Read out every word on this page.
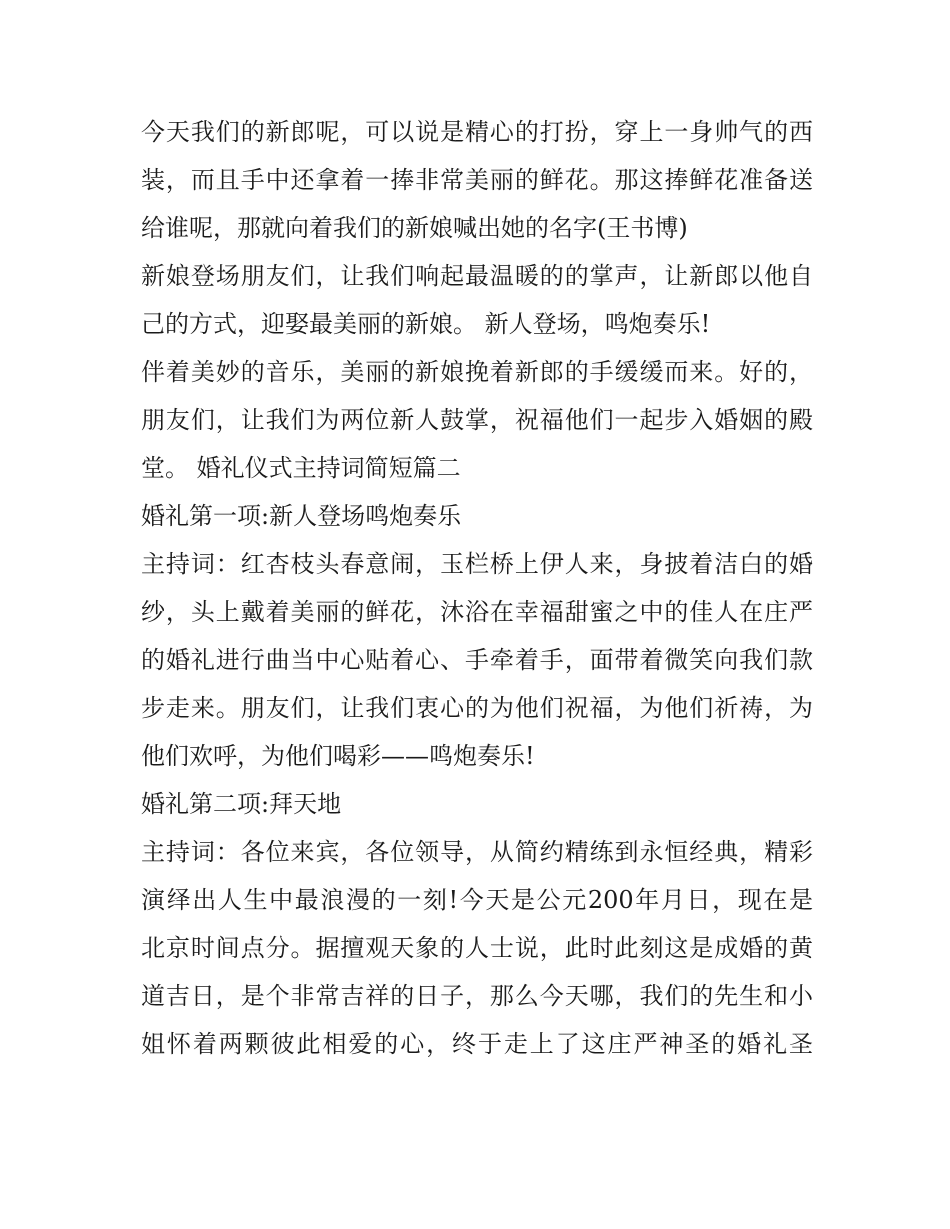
今天我们的新郎呢，可以说是精心的打扮，穿上一身帅气的西
装，而且手中还拿着一捧非常美丽的鲜花。那这捧鲜花准备送
给谁呢，那就向着我们的新娘喊出她的名字(王书博)
新娘登场朋友们，让我们响起最温暖的的掌声，让新郎以他自
己的方式，迎娶最美丽的新娘。 新人登场，鸣炮奏乐!
伴着美妙的音乐，美丽的新娘挽着新郎的手缓缓而来。好的，
朋友们，让我们为两位新人鼓掌，祝福他们一起步入婚姻的殿
堂。 婚礼仪式主持词简短篇二
婚礼第一项:新人登场鸣炮奏乐
主持词：红杏枝头春意闹，玉栏桥上伊人来，身披着洁白的婚
纱，头上戴着美丽的鲜花，沐浴在幸福甜蜜之中的佳人在庄严
的婚礼进行曲当中心贴着心、手牵着手，面带着微笑向我们款
步走来。朋友们，让我们衷心的为他们祝福，为他们祈祷，为
他们欢呼，为他们喝彩——鸣炮奏乐!
婚礼第二项:拜天地
主持词：各位来宾，各位领导，从简约精练到永恒经典，精彩
演绎出人生中最浪漫的一刻!今天是公元200年月日，现在是
北京时间点分。据擅观天象的人士说，此时此刻这是成婚的黄
道吉日，是个非常吉祥的日子，那么今天哪，我们的先生和小
姐怀着两颗彼此相爱的心，终于走上了这庄严神圣的婚礼圣
